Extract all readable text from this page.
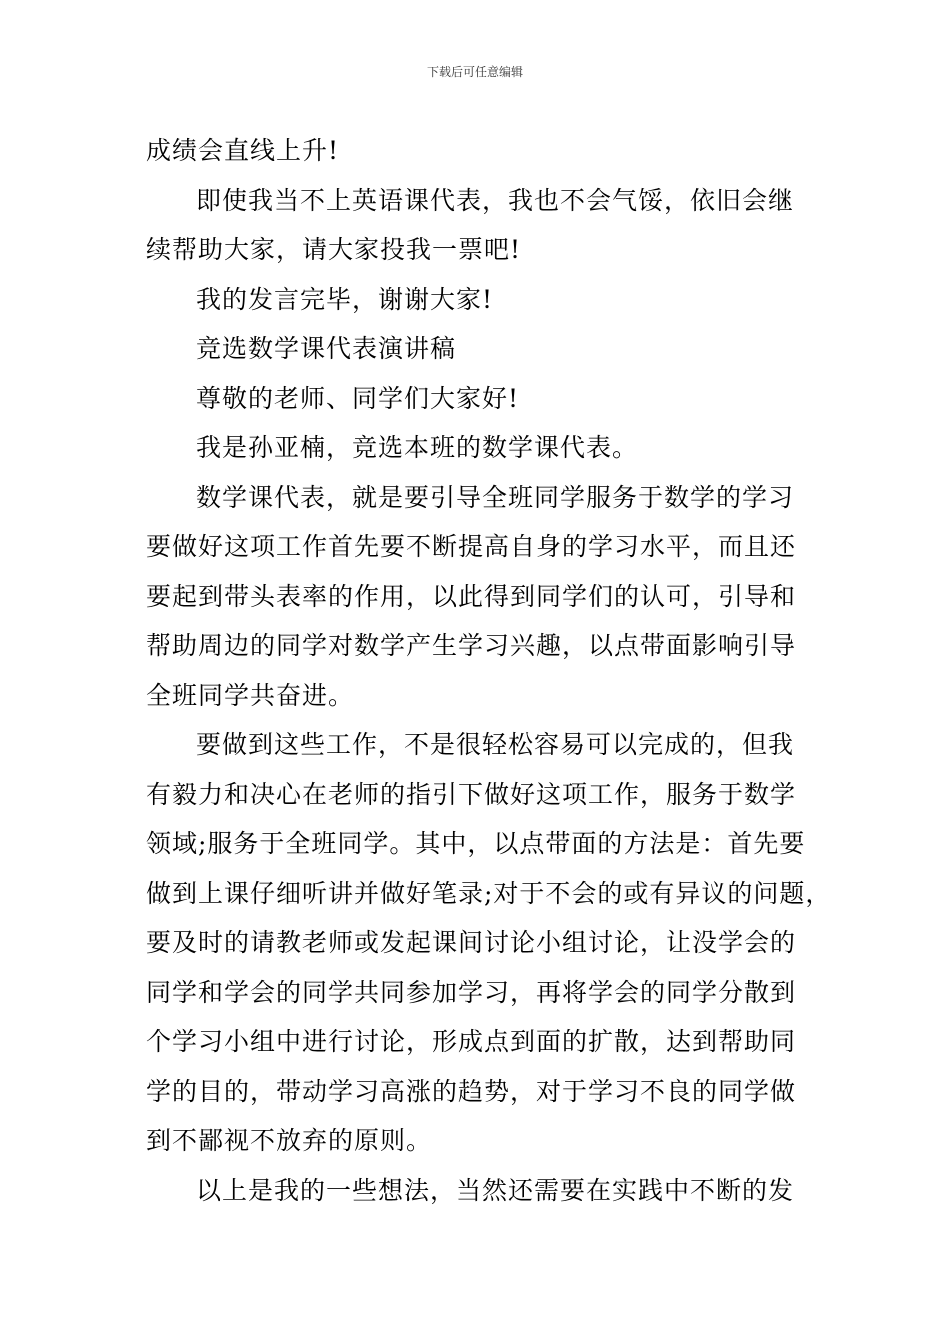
下载后可任意编辑
成绩会直线上升!
即使我当不上英语课代表，我也不会气馁，依旧会继
续帮助大家，请大家投我一票吧!
我的发言完毕，谢谢大家!
竞选数学课代表演讲稿
尊敬的老师、同学们大家好!
我是孙亚楠，竞选本班的数学课代表。
数学课代表，就是要引导全班同学服务于数学的学习
要做好这项工作首先要不断提高自身的学习水平，而且还
要起到带头表率的作用，以此得到同学们的认可，引导和
帮助周边的同学对数学产生学习兴趣，以点带面影响引导
全班同学共奋进。
要做到这些工作，不是很轻松容易可以完成的，但我
有毅力和决心在老师的指引下做好这项工作，服务于数学
领域;服务于全班同学。其中，以点带面的方法是：首先要
做到上课仔细听讲并做好笔录;对于不会的或有异议的问题，
要及时的请教老师或发起课间讨论小组讨论，让没学会的
同学和学会的同学共同参加学习，再将学会的同学分散到
个学习小组中进行讨论，形成点到面的扩散，达到帮助同
学的目的，带动学习高涨的趋势，对于学习不良的同学做
到不鄙视不放弃的原则。
以上是我的一些想法，当然还需要在实践中不断的发
